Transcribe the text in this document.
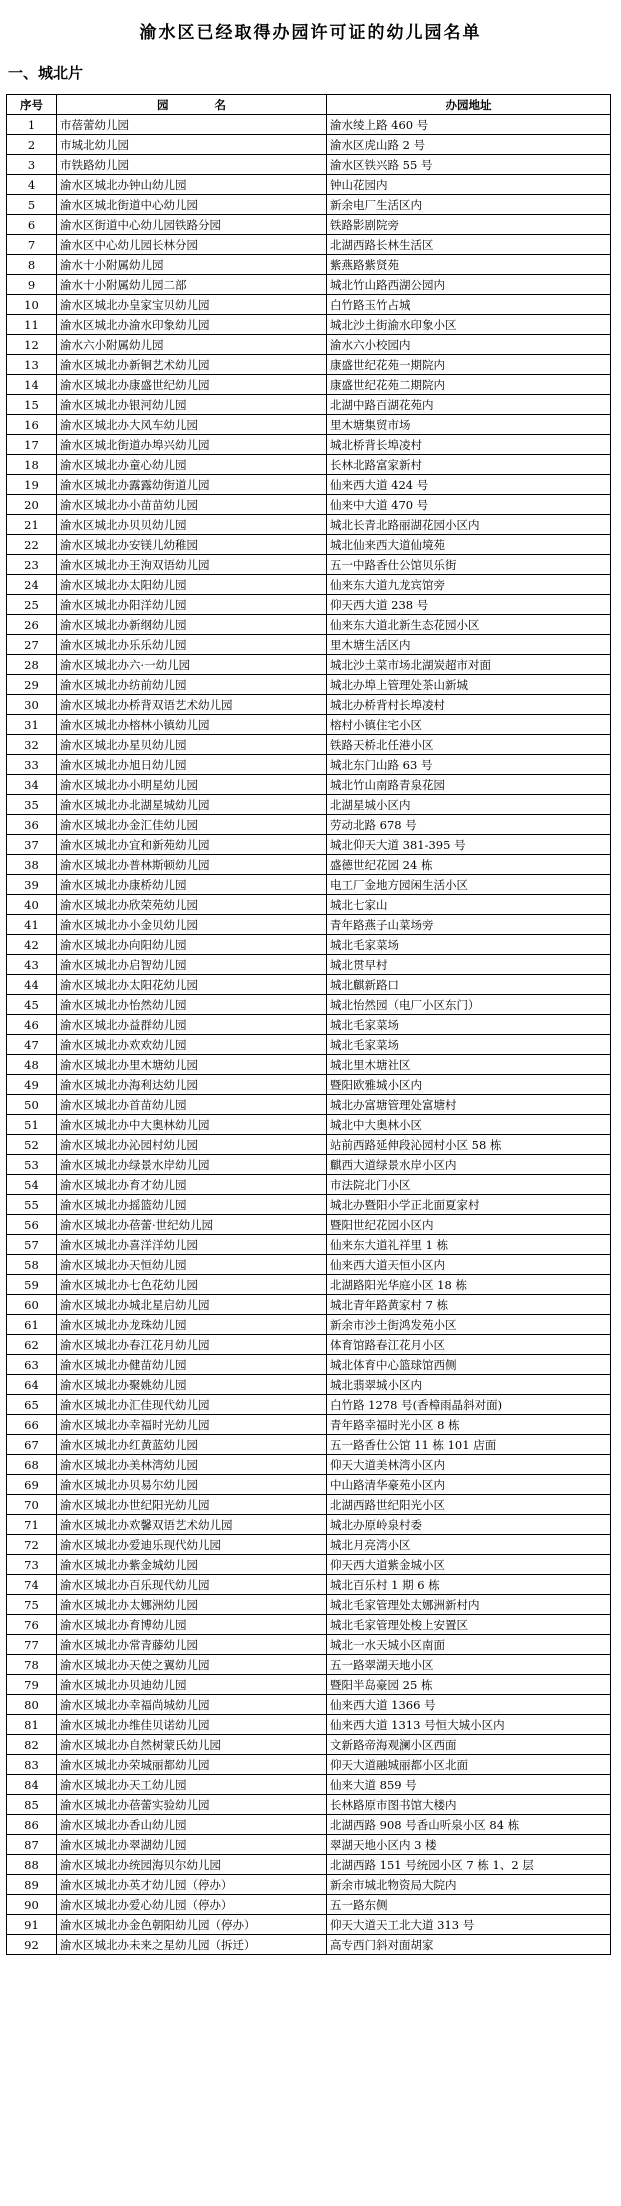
渝水区已经取得办园许可证的幼儿园名单
一、城北片
序号	园　　　　名	办园地址
1	市蓓蕾幼儿园	渝水绫上路 460 号
2	市城北幼儿园	渝水区虎山路 2 号
3	市铁路幼儿园	渝水区铁兴路 55 号
4	渝水区城北办钟山幼儿园	钟山花园内
5	渝水区城北街道中心幼儿园	新余电厂生活区内
6	渝水区街道中心幼儿园铁路分园	铁路影剧院旁
7	渝水区中心幼儿园长林分园	北湖西路长林生活区
8	渝水十小附属幼儿园	紫燕路紫贤苑
9	渝水十小附属幼儿园二部	城北竹山路西湖公园内
10	渝水区城北办皇家宝贝幼儿园	白竹路玉竹占城
11	渝水区城北办渝水印象幼儿园	城北沙土街渝水印象小区
12	渝水六小附属幼儿园	渝水六小校园内
13	渝水区城北办新铜艺术幼儿园	康盛世纪花苑一期院内
14	渝水区城北办康盛世纪幼儿园	康盛世纪花苑二期院内
15	渝水区城北办银河幼儿园	北湖中路百湖花苑内
16	渝水区城北办大风车幼儿园	里木塘集贸市场
17	渝水区城北街道办埠兴幼儿园	城北桥背长埠凌村
18	渝水区城北办童心幼儿园	长林北路富家新村
19	渝水区城北办露露幼街道儿园	仙来西大道 424 号
20	渝水区城北办小苗苗幼儿园	仙来中大道 470 号
21	渝水区城北办贝贝幼儿园	城北长青北路丽湖花园小区内
22	渝水区城北办安镁儿幼稚园	城北仙来西大道仙境苑
23	渝水区城北办王洵双语幼儿园	五一中路香仕公馆贝乐街
24	渝水区城北办太阳幼儿园	仙来东大道九龙宾馆旁
25	渝水区城北办阳洋幼儿园	仰天西大道 238 号
26	渝水区城北办新纲幼儿园	仙来东大道北新生态花园小区
27	渝水区城北办乐乐幼儿园	里木塘生活区内
28	渝水区城北办六·一幼儿园	城北沙土菜市场北湖炭超市对面
29	渝水区城北办纺前幼儿园	城北办埠上管理处茶山新城
30	渝水区城北办桥背双语艺术幼儿园	城北办桥背村长埠凌村
31	渝水区城北办榕林小镇幼儿园	榕村小镇住宅小区
32	渝水区城北办星贝幼儿园	铁路天桥北任港小区
33	渝水区城北办旭日幼儿园	城北东门山路 63 号
34	渝水区城北办小明星幼儿园	城北竹山南路青泉花园
35	渝水区城北办北湖星城幼儿园	北湖星城小区内
36	渝水区城北办金汇佳幼儿园	劳动北路 678 号
37	渝水区城北办宜和新苑幼儿园	城北仰天大道 381-395 号
38	渝水区城北办普林斯顿幼儿园	盛德世纪花园 24 栋
39	渝水区城北办康桥幼儿园	电工厂金地方园闲生活小区
40	渝水区城北办欣荣苑幼儿园	城北七家山
41	渝水区城北办小金贝幼儿园	青年路燕子山菜场旁
42	渝水区城北办向阳幼儿园	城北毛家菜场
43	渝水区城北办启智幼儿园	城北贯早村
44	渝水区城北办太阳花幼儿园	城北麒新路口
45	渝水区城北办怡然幼儿园	城北怡然园（电厂小区东门）
46	渝水区城北办益群幼儿园	城北毛家菜场
47	渝水区城北办欢欢幼儿园	城北毛家菜场
48	渝水区城北办里木塘幼儿园	城北里木塘社区
49	渝水区城北办海利达幼儿园	暨阳欧雅城小区内
50	渝水区城北办首苗幼儿园	城北办富塘管理处富塘村
51	渝水区城北办中大奥林幼儿园	城北中大奥林小区
52	渝水区城北办沁园村幼儿园	站前西路延伸段沁园村小区 58 栋
53	渝水区城北办绿景水岸幼儿园	麒西大道绿景水岸小区内
54	渝水区城北办育才幼儿园	市法院北门小区
55	渝水区城北办摇篮幼儿园	城北办暨阳小学正北面夏家村
56	渝水区城北办蓓蕾·世纪幼儿园	暨阳世纪花园小区内
57	渝水区城北办喜洋洋幼儿园	仙来东大道礼祥里 1 栋
58	渝水区城北办天恒幼儿园	仙来西大道天恒小区内
59	渝水区城北办七色花幼儿园	北湖路阳光华庭小区 18 栋
60	渝水区城北办城北星启幼儿园	城北青年路黄家村 7 栋
61	渝水区城北办龙珠幼儿园	新余市沙土街鸿发苑小区
62	渝水区城北办春江花月幼儿园	体育馆路春江花月小区
63	渝水区城北办健苗幼儿园	城北体育中心篮球馆西侧
64	渝水区城北办聚姚幼儿园	城北翡翠城小区内
65	渝水区城北办汇佳现代幼儿园	白竹路 1278 号(香樟雨晶斜对面)
66	渝水区城北办幸福时光幼儿园	青年路幸福时光小区 8 栋
67	渝水区城北办红黄蓝幼儿园	五一路香仕公馆 11 栋 101 店面
68	渝水区城北办美林湾幼儿园	仰天大道美林湾小区内
69	渝水区城北办贝易尔幼儿园	中山路清华豪苑小区内
70	渝水区城北办世纪阳光幼儿园	北湖西路世纪阳光小区
71	渝水区城北办欢馨双语艺术幼儿园	城北办原岭泉村委
72	渝水区城北办爱迪乐现代幼儿园	城北月亮湾小区
73	渝水区城北办紫金城幼儿园	仰天西大道紫金城小区
74	渝水区城北办百乐现代幼儿园	城北百乐村 1 期 6 栋
75	渝水区城北办太娜洲幼儿园	城北毛家管理处太娜洲新村内
76	渝水区城北办育博幼儿园	城北毛家管理处梭上安置区
77	渝水区城北办常青藤幼儿园	城北一水天城小区南面
78	渝水区城北办天使之翼幼儿园	五一路翠湖天地小区
79	渝水区城北办贝迪幼儿园	暨阳半岛豪园 25 栋
80	渝水区城北办幸福尚城幼儿园	仙来西大道 1366 号
81	渝水区城北办维佳贝诺幼儿园	仙来西大道 1313 号恒大城小区内
82	渝水区城北办自然树蒙氏幼儿园	文新路帝海观澜小区西面
83	渝水区城北办荣城丽都幼儿园	仰天大道融城丽都小区北面
84	渝水区城北办天工幼儿园	仙来大道 859 号
85	渝水区城北办蓓蕾实验幼儿园	长林路原市图书馆大楼内
86	渝水区城北办香山幼儿园	北湖西路 908 号香山听泉小区 84 栋
87	渝水区城北办翠湖幼儿园	翠湖天地小区内 3 楼
88	渝水区城北办统园海贝尔幼儿园	北湖西路 151 号统园小区 7 栋 1、2 层
89	渝水区城北办英才幼儿园（停办）	新余市城北物资局大院内
90	渝水区城北办爱心幼儿园（停办）	五一路东侧
91	渝水区城北办金色朝阳幼儿园（停办）	仰天大道天工北大道 313 号
92	渝水区城北办未来之星幼儿园（拆迁）	高专西门斜对面胡家
